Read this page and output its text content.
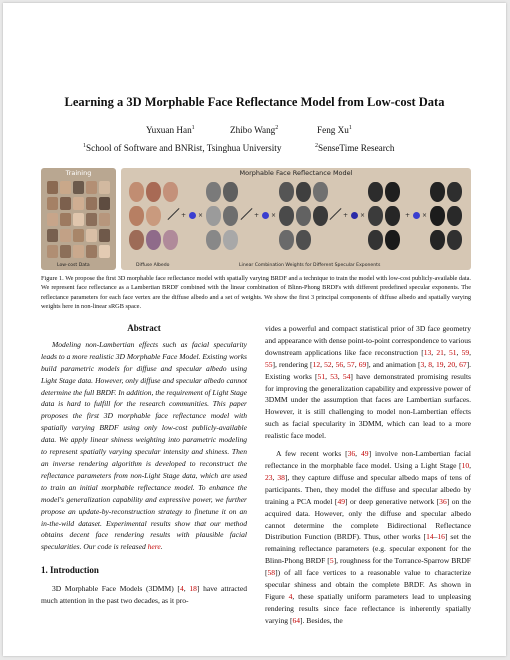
Learning a 3D Morphable Face Reflectance Model from Low-cost Data
Yuxuan Han$^1$	Zhibo Wang$^2$	Feng Xu$^1$
$^1$School of Software and BNRist, Tsinghua University	$^2$SenseTime Research
Training
Low-cost Data
Morphable Face Reflectance Model
+ ×	+ ×	+ ×	+ ×
Diffuse Albedo	Linear Combination Weights for Different Specular Exponents
Figure 1. We propose the first 3D morphable face reflectance model with spatially varying BRDF and a technique to train the model with low-cost publicly-available data. We represent face reflectance as a Lambertian BRDF combined with the linear combination of Blinn-Phong BRDFs with different predefined specular exponents. The reflectance parameters for each face vertex are the diffuse albedo and a set of weights. We show the first 3 principal components of diffuse albedo and spatially varying weights here in non-linear sRGB space.
Abstract

Modeling non-Lambertian effects such as facial specularity leads to a more realistic 3D Morphable Face Model. Existing works build parametric models for diffuse and specular albedo using Light Stage data. However, only diffuse and specular albedo cannot determine the full BRDF. In addition, the requirement of Light Stage data is hard to fulfill for the research communities. This paper proposes the first 3D morphable face reflectance model with spatially varying BRDF using only low-cost publicly-available data. We apply linear shiness weighting into parametric modeling to represent spatially varying specular intensity and shiness. Then an inverse rendering algorithm is developed to reconstruct the reflectance parameters from non-Light Stage data, which are used to train an initial morphable reflectance model. To enhance the model's generalization capability and expressive power, we further propose an update-by-reconstruction strategy to finetune it on an in-the-wild dataset. Experimental results show that our method obtains decent face rendering results with plausible facial specularities. Our code is released here.

1. Introduction

3D Morphable Face Models (3DMM) [4, 18] have attracted much attention in the past two decades, as it pro-

vides a powerful and compact statistical prior of 3D face geometry and appearance with dense point-to-point correspondence to various downstream applications like face reconstruction [13, 21, 51, 59, 55], rendering [12, 52, 56, 57, 69], and animation [3, 8, 19, 20, 67]. Existing works [51, 53, 54] have demonstrated promising results for improving the generalization capability and expressive power of 3DMM under the assumption that faces are Lambertian surfaces. However, it is still challenging to model non-Lambertian effects such as facial specularity in 3DMM, which can lead to a more realistic face model.

A few recent works [36, 49] involve non-Lambertian facial reflectance in the morphable face model. Using a Light Stage [10, 23, 38], they capture diffuse and specular albedo maps of tens of participants. Then, they model the diffuse and specular albedo by training a PCA model [49] or deep generative network [36] on the acquired data. However, only the diffuse and specular albedo cannot determine the complete Bidirectional Reflectance Distribution Function (BRDF). Thus, other works [14–16] set the remaining reflectance parameters (e.g. specular exponent for the Blinn-Phong BRDF [5], roughness for the Torrance-Sparrow BRDF [58]) of all face vertices to a reasonable value to characterize specular shiness and obtain the complete BRDF. As shown in Figure 4, these spatially uniform parameters lead to unpleasing rendering results since face reflectance is inherently spatially varying [64]. Besides, the
